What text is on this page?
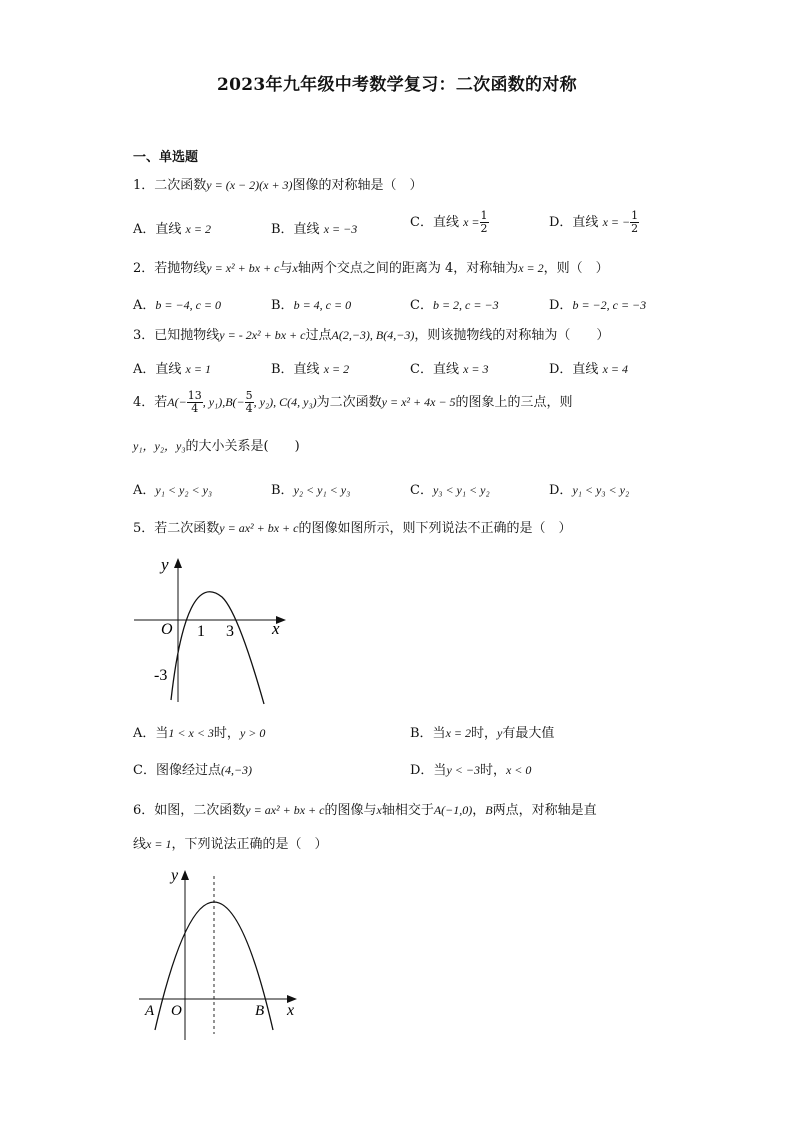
2023年九年级中考数学复习：二次函数的对称
一、单选题
1．二次函数y = (x − 2)(x + 3)图像的对称轴是（　）
A．直线 x = 2	B．直线 x = −3	C．直线 $x = \frac{1}{2}$	D．直线 x = − $\frac{1}{2}$
2．若抛物线y = x² + bx + c与x轴两个交点之间的距离为 4，对称轴为x = 2，则（　）
A．b = −4, c = 0	B．b = 4, c = 0	C．b = 2, c = −3	D．b = −2, c = −3
3．已知抛物线y = - 2x² + bx + c过点A(2,−3), B(4,−3)，则该抛物线的对称轴为（　　）
A．直线 x = 1	B．直线 x = 2	C．直线 x = 3	D．直线 x = 4
4．若$A(- \frac{13}{4}$ , $y_1),B(- \frac{5}{4}$ , y₂), C(4, y₃)为二次函数y = x² + 4x − 5的图象上的三点，则
y₁，y₂，y₃的大小关系是(　　)
A．y₁ < y₂ < y₃	B．y₂ < y₁ < y₃	C．y₃ < y₁ < y₂	D．y₁ < y₃ < y₂
5．若二次函数y = ax² + bx + c的图像如图所示，则下列说法不正确的是（　）
y
x
O 1 3
-3
A．当1 < x < 3时，y > 0	B．当x = 2时，y有最大值
C．图像经过点(4,−3)	D．当y < −3时，x < 0
6．如图，二次函数y = ax² + bx + c的图像与x轴相交于A(−1,0)，B两点，对称轴是直
线x = 1，下列说法正确的是（　）
y
x
O
A	B
